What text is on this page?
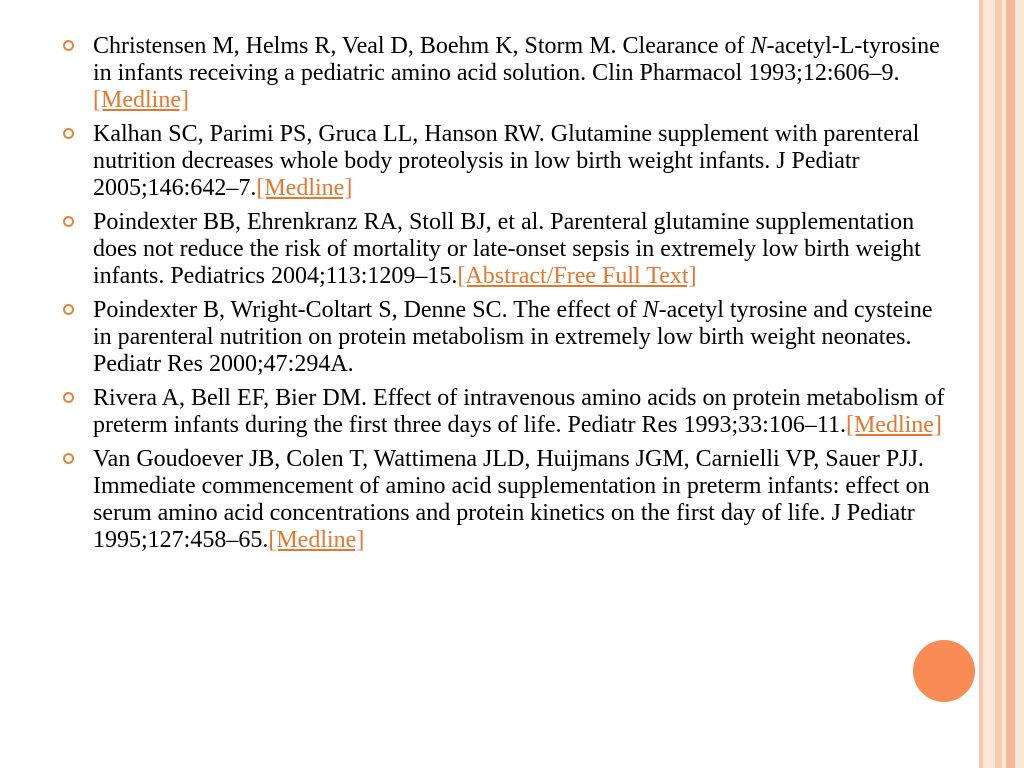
Christensen M, Helms R, Veal D, Boehm K, Storm M. Clearance of N-acetyl-L-tyrosine in infants receiving a pediatric amino acid solution. Clin Pharmacol 1993;12:606–9.[Medline]
Kalhan SC, Parimi PS, Gruca LL, Hanson RW. Glutamine supplement with parenteral nutrition decreases whole body proteolysis in low birth weight infants. J Pediatr 2005;146:642–7.[Medline]
Poindexter BB, Ehrenkranz RA, Stoll BJ, et al. Parenteral glutamine supplementation does not reduce the risk of mortality or late-onset sepsis in extremely low birth weight infants. Pediatrics 2004;113:1209–15.[Abstract/Free Full Text]
Poindexter B, Wright-Coltart S, Denne SC. The effect of N-acetyl tyrosine and cysteine in parenteral nutrition on protein metabolism in extremely low birth weight neonates. Pediatr Res 2000;47:294A.
Rivera A, Bell EF, Bier DM. Effect of intravenous amino acids on protein metabolism of preterm infants during the first three days of life. Pediatr Res 1993;33:106–11.[Medline]
Van Goudoever JB, Colen T, Wattimena JLD, Huijmans JGM, Carnielli VP, Sauer PJJ. Immediate commencement of amino acid supplementation in preterm infants: effect on serum amino acid concentrations and protein kinetics on the first day of life. J Pediatr 1995;127:458–65.[Medline]
